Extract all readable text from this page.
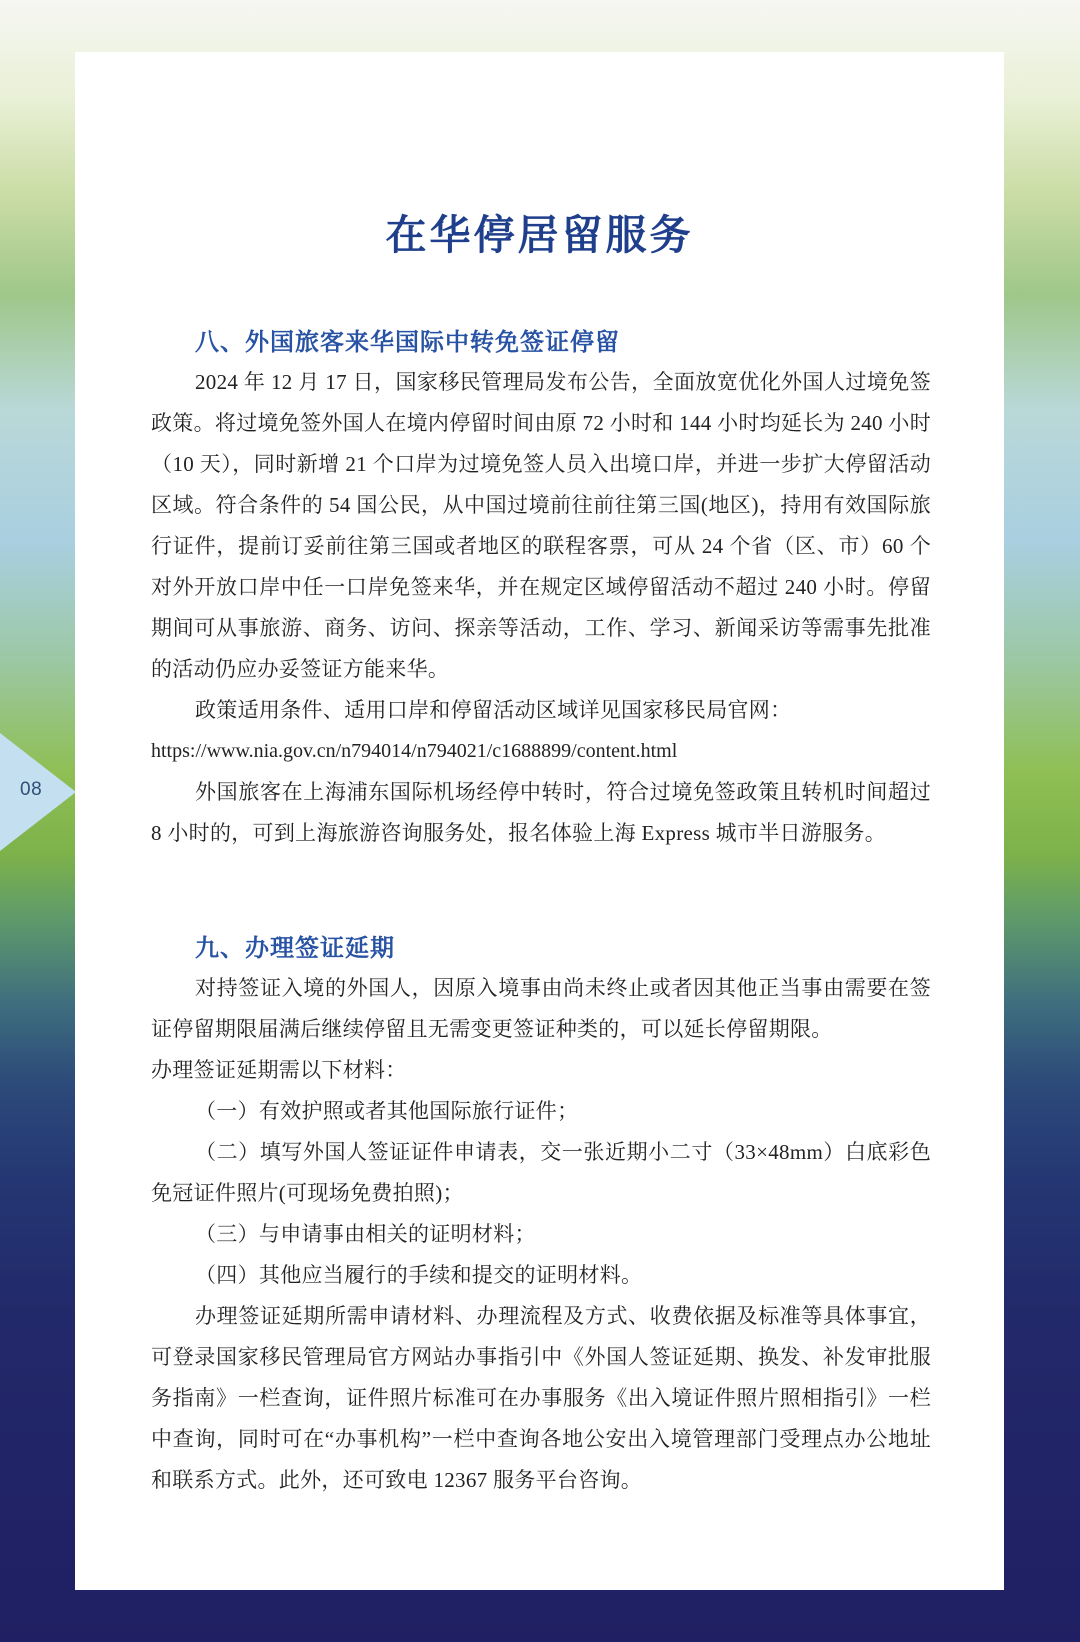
08
在华停居留服务
八、外国旅客来华国际中转免签证停留

2024 年 12 月 17 日，国家移民管理局发布公告，全面放宽优化外国人过境免签政策。将过境免签外国人在境内停留时间由原 72 小时和 144 小时均延长为 240 小时（10 天），同时新增 21 个口岸为过境免签人员入出境口岸，并进一步扩大停留活动区域。符合条件的 54 国公民，从中国过境前往前往第三国(地区)，持用有效国际旅行证件，提前订妥前往第三国或者地区的联程客票，可从 24 个省（区、市）60 个对外开放口岸中任一口岸免签来华，并在规定区域停留活动不超过 240 小时。停留期间可从事旅游、商务、访问、探亲等活动，工作、学习、新闻采访等需事先批准的活动仍应办妥签证方能来华。

政策适用条件、适用口岸和停留活动区域详见国家移民局官网：

https://www.nia.gov.cn/n794014/n794021/c1688899/content.html

外国旅客在上海浦东国际机场经停中转时，符合过境免签政策且转机时间超过 8 小时的，可到上海旅游咨询服务处，报名体验上海 Express 城市半日游服务。

九、办理签证延期

对持签证入境的外国人，因原入境事由尚未终止或者因其他正当事由需要在签证停留期限届满后继续停留且无需变更签证种类的，可以延长停留期限。

办理签证延期需以下材料：

（一）有效护照或者其他国际旅行证件；

（二）填写外国人签证证件申请表，交一张近期小二寸（33×48mm）白底彩色免冠证件照片(可现场免费拍照)；

（三）与申请事由相关的证明材料；

（四）其他应当履行的手续和提交的证明材料。

办理签证延期所需申请材料、办理流程及方式、收费依据及标准等具体事宜，可登录国家移民管理局官方网站办事指引中《外国人签证延期、换发、补发审批服务指南》一栏查询，证件照片标准可在办事服务《出入境证件照片照相指引》一栏中查询，同时可在“办事机构”一栏中查询各地公安出入境管理部门受理点办公地址和联系方式。此外，还可致电 12367 服务平台咨询。
